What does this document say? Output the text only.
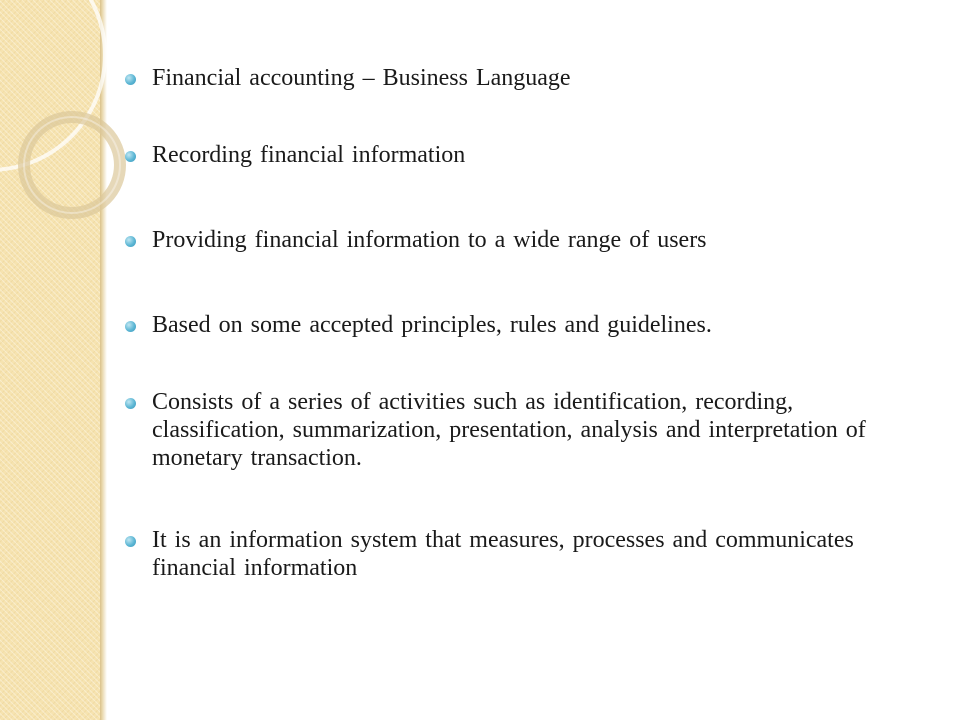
Financial accounting – Business Language
Recording financial information
Providing financial information to a wide range of users
Based on some accepted principles, rules and guidelines.
Consists of a series of activities such as identification, recording, classification, summarization, presentation, analysis and interpretation of monetary transaction.
It is an information system that measures, processes and communicates financial information
